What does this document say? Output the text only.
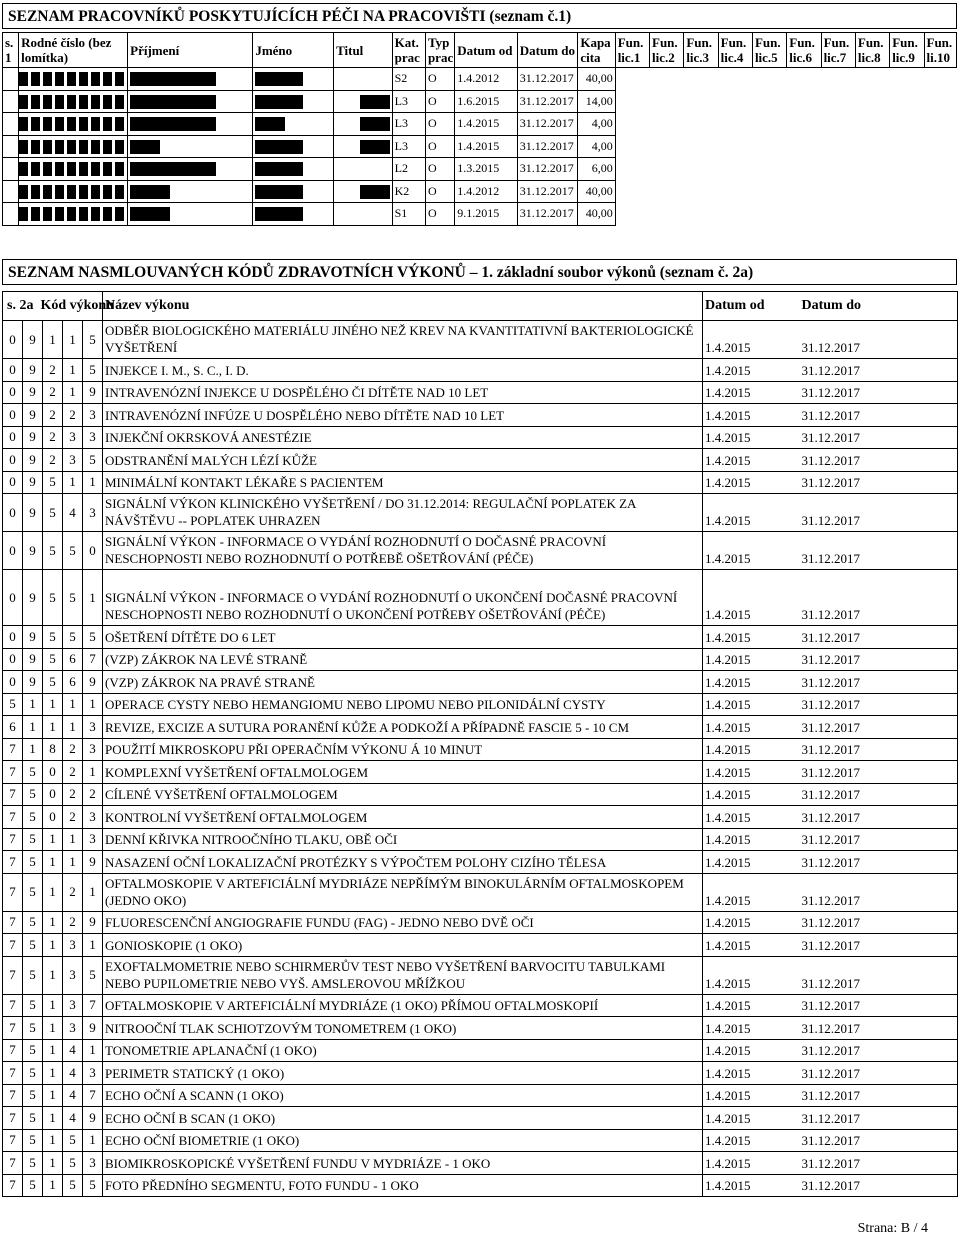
SEZNAM PRACOVNÍKŮ POSKYTUJÍCÍCH PÉČI NA PRACOVIŠTI (seznam č.1)
s. 1	Rodné číslo (bez lomítka)	Příjmení	Jméno	Titul	Kat. prac	Typ prac	Datum od	Datum do	Kapa cita	Fun. lic.1	Fun. lic.2	Fun. lic.3	Fun. lic.4	Fun. lic.5	Fun. lic.6	Fun. lic.7	Fun. lic.8	Fun. lic.9	Fun. li.10
					S2	O	1.4.2012	31.12.2017	40,00										
					L3	O	1.6.2015	31.12.2017	14,00										
					L3	O	1.4.2015	31.12.2017	4,00										
					L3	O	1.4.2015	31.12.2017	4,00										
					L2	O	1.3.2015	31.12.2017	6,00										
					K2	O	1.4.2012	31.12.2017	40,00										
					S1	O	9.1.2015	31.12.2017	40,00										
SEZNAM NASMLOUVANÝCH KÓDŮ ZDRAVOTNÍCH VÝKONŮ – 1. základní soubor výkonů (seznam č. 2a)
s. 2a Kód výkonu					Název výkonu	Datum od	Datum do
	0	9	1	1	5	ODBĚR BIOLOGICKÉHO MATERIÁLU JINÉHO NEŽ KREV NA KVANTITATIVNÍ BAKTERIOLOGICKÉ VYŠETŘENÍ	1.4.2015	31.12.2017
	0	9	2	1	5	INJEKCE I. M., S. C., I. D.	1.4.2015	31.12.2017
	0	9	2	1	9	INTRAVENÓZNÍ INJEKCE U DOSPĚLÉHO ČI DÍTĚTE NAD 10 LET	1.4.2015	31.12.2017
	0	9	2	2	3	INTRAVENÓZNÍ INFÚZE U DOSPĚLÉHO NEBO DÍTĚTE NAD 10 LET	1.4.2015	31.12.2017
	0	9	2	3	3	INJEKČNÍ OKRSKOVÁ ANESTÉZIE	1.4.2015	31.12.2017
	0	9	2	3	5	ODSTRANĚNÍ MALÝCH LÉZÍ KŮŽE	1.4.2015	31.12.2017
	0	9	5	1	1	MINIMÁLNÍ KONTAKT LÉKAŘE S PACIENTEM	1.4.2015	31.12.2017
	0	9	5	4	3	SIGNÁLNÍ VÝKON KLINICKÉHO VYŠETŘENÍ / DO 31.12.2014: REGULAČNÍ POPLATEK ZA NÁVŠTĚVU -- POPLATEK UHRAZEN	1.4.2015	31.12.2017
	0	9	5	5	0	SIGNÁLNÍ VÝKON - INFORMACE O VYDÁNÍ ROZHODNUTÍ O DOČASNÉ PRACOVNÍ NESCHOPNOSTI NEBO ROZHODNUTÍ O POTŘEBĚ OŠETŘOVÁNÍ (PÉČE)	1.4.2015	31.12.2017
	0	9	5	5	1	SIGNÁLNÍ VÝKON - INFORMACE O VYDÁNÍ ROZHODNUTÍ O UKONČENÍ DOČASNÉ PRACOVNÍ NESCHOPNOSTI NEBO ROZHODNUTÍ O UKONČENÍ POTŘEBY OŠETŘOVÁNÍ (PÉČE)	1.4.2015	31.12.2017
	0	9	5	5	5	OŠETŘENÍ DÍTĚTE DO 6 LET	1.4.2015	31.12.2017
	0	9	5	6	7	(VZP) ZÁKROK NA LEVÉ STRANĚ	1.4.2015	31.12.2017
	0	9	5	6	9	(VZP) ZÁKROK NA PRAVÉ STRANĚ	1.4.2015	31.12.2017
	5	1	1	1	1	OPERACE CYSTY NEBO HEMANGIOMU NEBO LIPOMU NEBO PILONIDÁLNÍ CYSTY	1.4.2015	31.12.2017
	6	1	1	1	3	REVIZE, EXCIZE A SUTURA PORANĚNÍ KŮŽE A PODKOŽÍ A PŘÍPADNĚ FASCIE 5 - 10 CM	1.4.2015	31.12.2017
	7	1	8	2	3	POUŽITÍ MIKROSKOPU PŘI OPERAČNÍM VÝKONU Á 10 MINUT	1.4.2015	31.12.2017
	7	5	0	2	1	KOMPLEXNÍ VYŠETŘENÍ OFTALMOLOGEM	1.4.2015	31.12.2017
	7	5	0	2	2	CÍLENÉ VYŠETŘENÍ OFTALMOLOGEM	1.4.2015	31.12.2017
	7	5	0	2	3	KONTROLNÍ VYŠETŘENÍ OFTALMOLOGEM	1.4.2015	31.12.2017
	7	5	1	1	3	DENNÍ KŘIVKA NITROOČNÍHO TLAKU, OBĚ OČI	1.4.2015	31.12.2017
	7	5	1	1	9	NASAZENÍ OČNÍ LOKALIZAČNÍ PROTÉZKY S VÝPOČTEM POLOHY CIZÍHO TĚLESA	1.4.2015	31.12.2017
	7	5	1	2	1	OFTALMOSKOPIE V ARTEFICIÁLNÍ MYDRIÁZE NEPŘÍMÝM BINOKULÁRNÍM OFTALMOSKOPEM (JEDNO OKO)	1.4.2015	31.12.2017
	7	5	1	2	9	FLUORESCENČNÍ ANGIOGRAFIE FUNDU (FAG) - JEDNO NEBO DVĚ OČI	1.4.2015	31.12.2017
	7	5	1	3	1	GONIOSKOPIE (1 OKO)	1.4.2015	31.12.2017
	7	5	1	3	5	EXOFTALMOMETRIE NEBO SCHIRMERŮV TEST NEBO VYŠETŘENÍ BARVOCITU TABULKAMI NEBO PUPILOMETRIE NEBO VYŠ. AMSLEROVOU MŘÍŽKOU	1.4.2015	31.12.2017
	7	5	1	3	7	OFTALMOSKOPIE V ARTEFICIÁLNÍ MYDRIÁZE (1 OKO) PŘÍMOU OFTALMOSKOPIÍ	1.4.2015	31.12.2017
	7	5	1	3	9	NITROOČNÍ TLAK SCHIOTZOVÝM TONOMETREM (1 OKO)	1.4.2015	31.12.2017
	7	5	1	4	1	TONOMETRIE APLANAČNÍ (1 OKO)	1.4.2015	31.12.2017
	7	5	1	4	3	PERIMETR STATICKÝ (1 OKO)	1.4.2015	31.12.2017
	7	5	1	4	7	ECHO OČNÍ A SCANN (1 OKO)	1.4.2015	31.12.2017
	7	5	1	4	9	ECHO OČNÍ B SCAN (1 OKO)	1.4.2015	31.12.2017
	7	5	1	5	1	ECHO OČNÍ BIOMETRIE (1 OKO)	1.4.2015	31.12.2017
	7	5	1	5	3	BIOMIKROSKOPICKÉ VYŠETŘENÍ FUNDU V MYDRIÁZE - 1 OKO	1.4.2015	31.12.2017
	7	5	1	5	5	FOTO PŘEDNÍHO SEGMENTU, FOTO FUNDU - 1 OKO	1.4.2015	31.12.2017
Strana: B / 4
